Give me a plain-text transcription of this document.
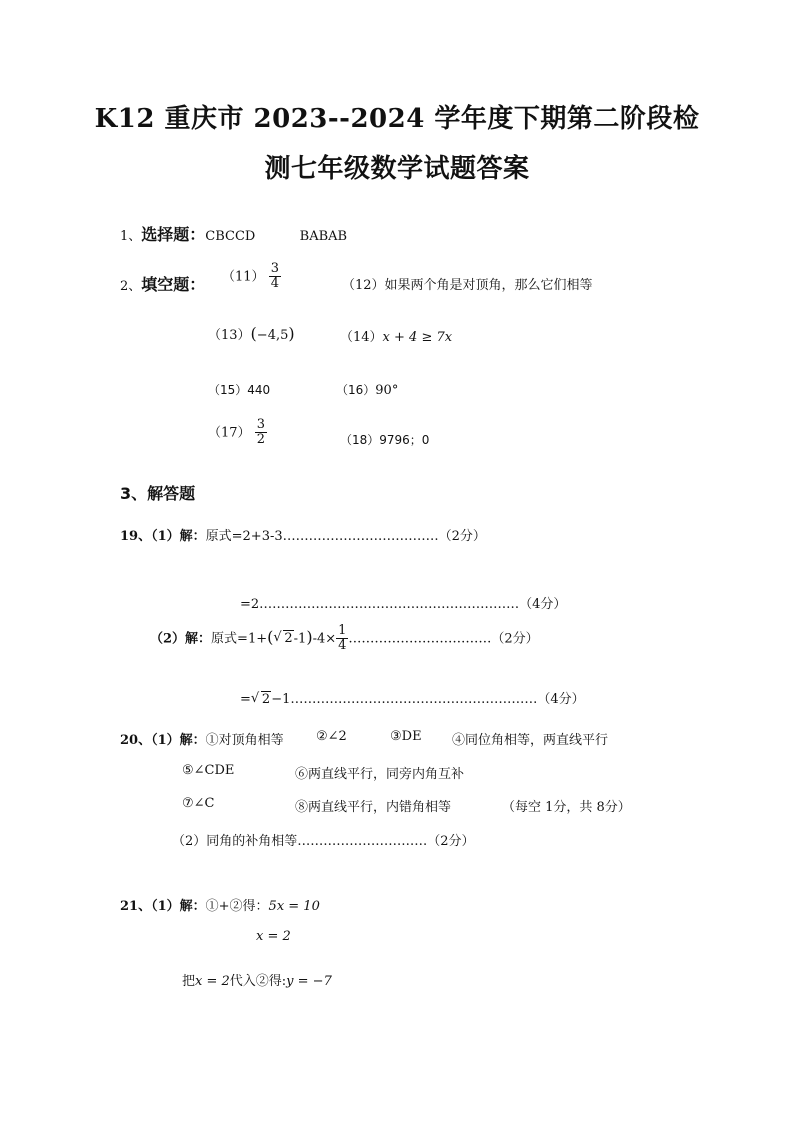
K12 重庆市 2023--2024 学年度下期第二阶段检
测七年级数学试题答案
1、选择题：CBCCD	BABAB
2、填空题： $(11) \frac{3}{4}$	（12）如果两个角是对顶角，那么它们相等
（13）(−4,5)	（14）x + 4 ≥ 7x
（15）440	（16）90°
$(17) \frac{3}{2}$	（18）9796；0
3、解答题
19、（1）解：原式=2+3-3………………………………（2分）
=2……………………………………………………（4分）
（2）解：原式=1+( √ $2-1)-4\times \frac{1}{4}$ ……………………………（2分）
= √ 2−1…………………………………………………（4分）
20、（1）解：①对顶角相等 ②∠2	③DE ④同位角相等，两直线平行
⑤∠CDE	⑥两直线平行，同旁内角互补
⑦∠C	⑧两直线平行，内错角相等	（每空 1分，共 8分）
（2）同角的补角相等…………………………（2分）
21、（1）解：①+②得：5x = 10
x = 2
把x = 2代入②得:y = −7
